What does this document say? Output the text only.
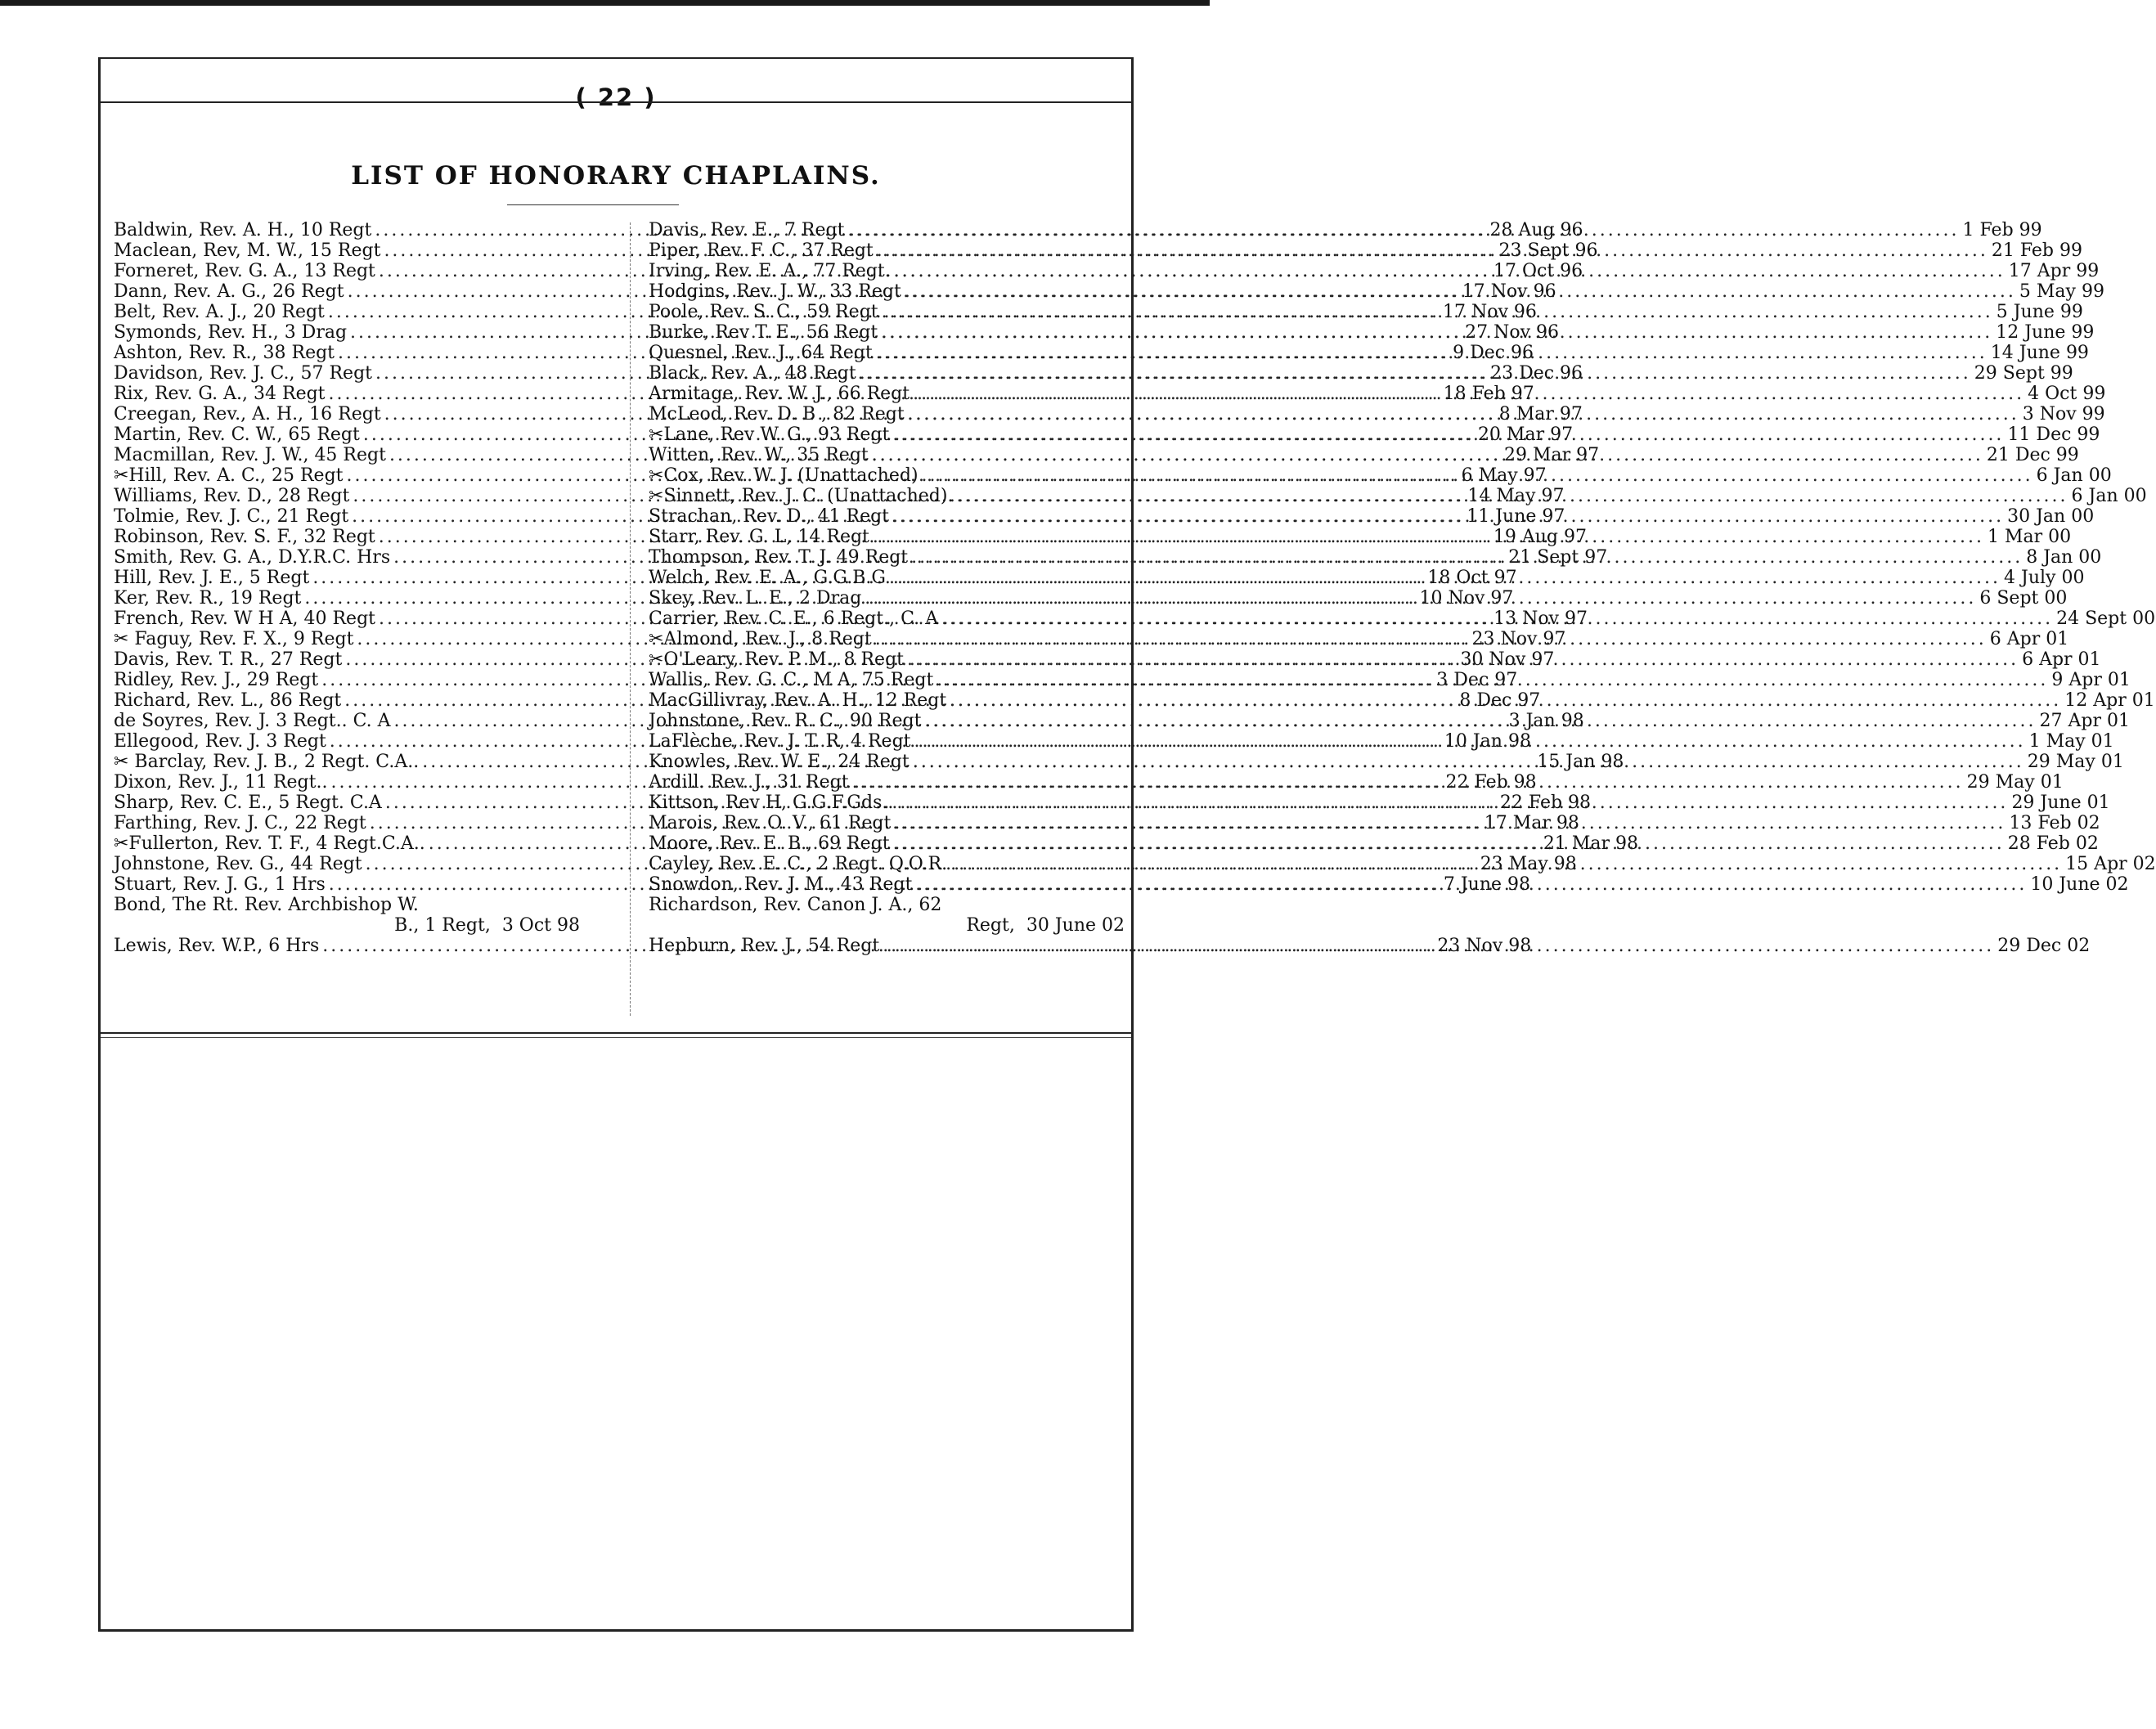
( 22 )
LIST OF HONORARY CHAPLAINS.
Baldwin, Rev. A. H., 10 Regt .....	28 Aug 96
Maclean, Rev, M. W., 15 Regt .....	23 Sept 96
Forneret, Rev. G. A., 13 Regt .....	17 Oct 96
Dann, Rev. A. G., 26 Regt .....	17 Nov 96
Belt, Rev. A. J., 20 Regt .....	17 Nov 96
Symonds, Rev. H., 3 Drag .....	27 Nov 96
Ashton, Rev. R., 38 Regt .....	9 Dec 96
Davidson, Rev. J. C., 57 Regt .....	23 Dec 96
Rix, Rev. G. A., 34 Regt .....	18 Feb 97
Creegan, Rev., A. H., 16 Regt .....	8 Mar 97
Martin, Rev. C. W., 65 Regt .....	20 Mar 97
Macmillan, Rev. J. W., 45 Regt .....	29 Mar 97
✂Hill, Rev. A. C., 25 Regt .....	6 May 97
Williams, Rev. D., 28 Regt .....	14 May 97
Tolmie, Rev. J. C., 21 Regt .....	11 June 97
Robinson, Rev. S. F., 32 Regt .....	19 Aug 97
Smith, Rev. G. A., D.Y.R.C. Hrs .....	21 Sept 97
Hill, Rev. J. E., 5 Regt .....	18 Oct 97
Ker, Rev. R., 19 Regt .....	10 Nov 97
French, Rev. W H A, 40 Regt .....	13 Nov 97
✂ Faguy, Rev. F. X., 9 Regt .....	23 Nov 97
Davis, Rev. T. R., 27 Regt .....	30 Nov 97
Ridley, Rev. J., 29 Regt .....	3 Dec 97
Richard, Rev. L., 86 Regt .....	8 Dec 97
de Soyres, Rev. J. 3 Regt.. C. A .....	3 Jan 98
Ellegood, Rev. J. 3 Regt .....	10 Jan 98
✂ Barclay, Rev. J. B., 2 Regt. C.A.. .....	15 Jan 98
Dixon, Rev. J., 11 Regt.. .....	22 Feb 98
Sharp, Rev. C. E., 5 Regt. C.A .....	22 Feb 98
Farthing, Rev. J. C., 22 Regt .....	17 Mar 98
✂Fullerton, Rev. T. F., 4 Regt.C.A.. .....	21 Mar 98
Johnstone, Rev. G., 44 Regt .....	23 May 98
Stuart, Rev. J. G., 1 Hrs .....	7 June 98
Bond, The Rt. Rev. Archbishop W.
B., 1 Regt, 3 Oct 98
Lewis, Rev. W.P., 6 Hrs .....	23 Nov 98
Davis, Rev. E., 7 Regt .....	1 Feb 99
Piper, Rev. F. C., 37 Regt .....	21 Feb 99
Irving, Rev. E. A., 77 Regt. .....	17 Apr 99
Hodgins, Rev. J. W., 33 Regt .....	5 May 99
Poole, Rev. S. C., 59 Regt .....	5 June 99
Burke, Rev T. E., 56 Regt .....	12 June 99
Quesnel, Rev. J., 64 Regt .....	14 June 99
Black, Rev. A., 48 Regt .....	29 Sept 99
Armitage, Rev. W. J., 66 Regt .....	4 Oct 99
McLeod, Rev. D. B , 82 Regt .....	3 Nov 99
✂Lane, Rev W. G., 93 Regt .....	11 Dec 99
Witten, Rev. W., 35 Regt .....	21 Dec 99
✂Cox, Rev. W. J. (Unattached) .....	6 Jan 00
✂Sinnett, Rev. J. C. (Unattached). .....	6 Jan 00
Strachan, Rev. D., 41 Regt .....	30 Jan 00
Starr, Rev. G. L, 14 Regt .....	1 Mar 00
Thompson, Rev. T. J. 49 Regt .....	8 Jan 00
Welch, Rev. E. A., G.G.B.G .....	4 July 00
Skey, Rev. L. E., 2 Drag .....	6 Sept 00
Carrier, Rev. C. E., 6 Regt., C. A .....	24 Sept 00
✂Almond, Rev. J., 8 Regt .....	6 Apr 01
✂O'Leary, Rev. P. M., 8 Regt .....	6 Apr 01
Wallis, Rev. G. C., M A, 75 Regt .....	9 Apr 01
MacGillivray, Rev. A. H., 12 Regt .....	12 Apr 01
Johnstone, Rev. R. C., 90 Regt .....	27 Apr 01
LaFlèche, Rev. J. T. R, 4 Regt .....	1 May 01
Knowles, Rev. W. E., 24 Regt .....	29 May 01
Ardill. Rev. J., 31 Regt .....	29 May 01
Kittson, Rev H, G.G.F.Gds.. .....	29 June 01
Marois, Rev. O. V., 61 Regt .....	13 Feb 02
Moore, Rev. E. B., 69 Regt .....	28 Feb 02
Cayley, Rev. E. C., 2 Regt. Q.O.R. .....	15 Apr 02
Snowdon, Rev. J. M., 43 Regt .....	10 June 02
Richardson, Rev. Canon J. A., 62
Regt, 30 June 02
Hepburn, Rev. J., 54 Regt .....	29 Dec 02
